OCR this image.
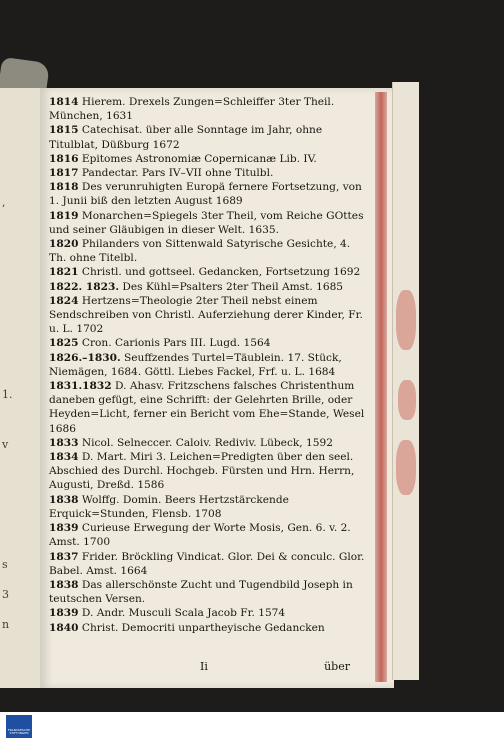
,
1.
v
s
3
n

1814 Hierem. Drexels Zungen=Schleiffer 3ter Theil. München, 1631

1815 Catechisat. über alle Sonntage im Jahr, ohne Titulblat, Düßburg 1672

1816 Epitomes Astronomiæ Copernicanæ Lib. IV.

1817 Pandectar. Pars IV–VII ohne Titulbl.

1818 Des verunruhigten Europä fernere Fortsetzung, von 1. Junii biß den letzten August 1689

1819 Monarchen=Spiegels 3ter Theil, vom Reiche GOttes und seiner Gläubigen in dieser Welt. 1635.

1820 Philanders von Sittenwald Satyrische Gesichte, 4. Th. ohne Titelbl.

1821 Christl. und gottseel. Gedancken, Fortsetzung 1692

1822. 1823. Des Kühl=Psalters 2ter Theil Amst. 1685

1824 Hertzens=Theologie 2ter Theil nebst einem Sendschreiben von Christl. Auferziehung derer Kinder, Fr. u. L. 1702

1825 Cron. Carionis Pars III. Lugd. 1564

1826.–1830. Seuffzendes Turtel=Täublein. 17. Stück, Niemägen, 1684. Göttl. Liebes Fackel, Frf. u. L. 1684

1831.1832 D. Ahasv. Fritzschens falsches Christenthum daneben gefügt, eine Schrifft: der Gelehrten Brille, oder Heyden=Licht, ferner ein Bericht vom Ehe=Stande, Wesel 1686

1833 Nicol. Selneccer. Caloiv. Rediviv. Lübeck, 1592

1834 D. Mart. Miri 3. Leichen=Predigten über den seel. Abschied des Durchl. Hochgeb. Fürsten und Hrn. Herrn, Augusti, Dreßd. 1586

1838 Wolffg. Domin. Beers Hertzstärckende Erquick=Stunden, Flensb. 1708

1839 Curieuse Erwegung der Worte Mosis, Gen. 6. v. 2. Amst. 1700

1837 Frider. Bröckling Vindicat. Glor. Dei & conculc. Glor. Babel. Amst. 1664

1838 Das allerschönste Zucht und Tugendbild Joseph in teutschen Versen.

1839 D. Andr. Musculi Scala Jacob Fr. 1574

1840 Christ. Democriti unpartheyische Gedancken

Ii	über
FRANCKESCHE STIFTUNGEN
